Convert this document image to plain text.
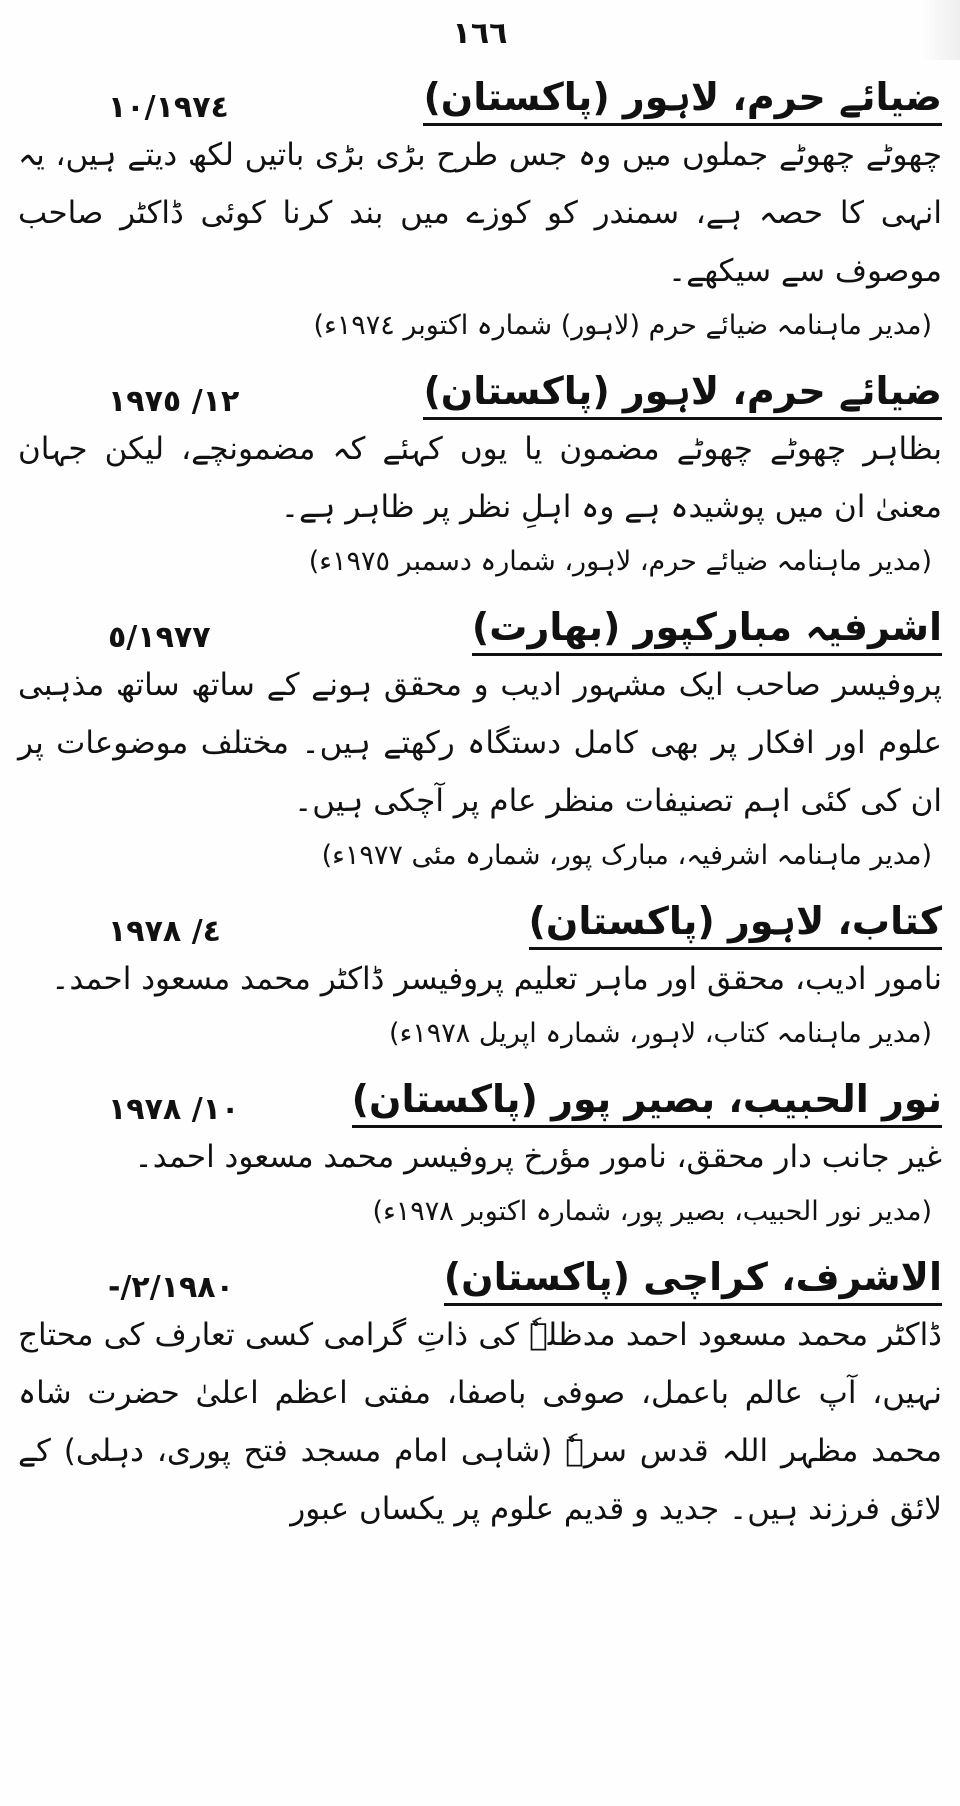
١٦٦
ضیائے حرم، لاہور (پاکستان)
١٠/١٩٧٤
چھوٹے چھوٹے جملوں میں وہ جس طرح بڑی بڑی باتیں لکھ دیتے ہیں، یہ انہی کا حصہ ہے، سمندر کو کوزے میں بند کرنا کوئی ڈاکٹر صاحب موصوف سے سیکھے۔
(مدیر ماہنامہ ضیائے حرم (لاہور) شمارہ اکتوبر ١٩٧٤ء)
ضیائے حرم، لاہور (پاکستان)
١٢/ ١٩٧٥
بظاہر چھوٹے چھوٹے مضمون یا یوں کہئے کہ مضمونچے، لیکن جہان معنیٰ ان میں پوشیدہ ہے وہ اہلِ نظر پر ظاہر ہے۔
(مدیر ماہنامہ ضیائے حرم، لاہور، شمارہ دسمبر ١٩٧٥ء)
اشرفیہ مبارکپور (بھارت)
٥/١٩٧٧
پروفیسر صاحب ایک مشہور ادیب و محقق ہونے کے ساتھ ساتھ مذہبی علوم اور افکار پر بھی کامل دستگاہ رکھتے ہیں۔ مختلف موضوعات پر ان کی کئی اہم تصنیفات منظر عام پر آچکی ہیں۔
(مدیر ماہنامہ اشرفیہ، مبارک پور، شمارہ مئی ١٩٧٧ء)
کتاب، لاہور (پاکستان)
٤/ ١٩٧٨
نامور ادیب، محقق اور ماہر تعلیم پروفیسر ڈاکٹر محمد مسعود احمد۔
(مدیر ماہنامہ کتاب، لاہور، شمارہ اپریل ١٩٧٨ء)
نور الحبیب، بصیر پور (پاکستان)
١٠/ ١٩٧٨
غیر جانب دار محقق، نامور مؤرخ پروفیسر محمد مسعود احمد۔
(مدیر نور الحبیب، بصیر پور، شمارہ اکتوبر ١٩٧٨ء)
الاشرف، کراچی (پاکستان)
-/٢/١٩٨٠
ڈاکٹر محمد مسعود احمد مدظلہٗ کی ذاتِ گرامی کسی تعارف کی محتاج نہیں، آپ عالم باعمل، صوفی باصفا، مفتی اعظم اعلیٰ حضرت شاہ محمد مظہر اللہ قدس سرہٗ (شاہی امام مسجد فتح پوری، دہلی) کے لائق فرزند ہیں۔ جدید و قدیم علوم پر یکساں عبور
